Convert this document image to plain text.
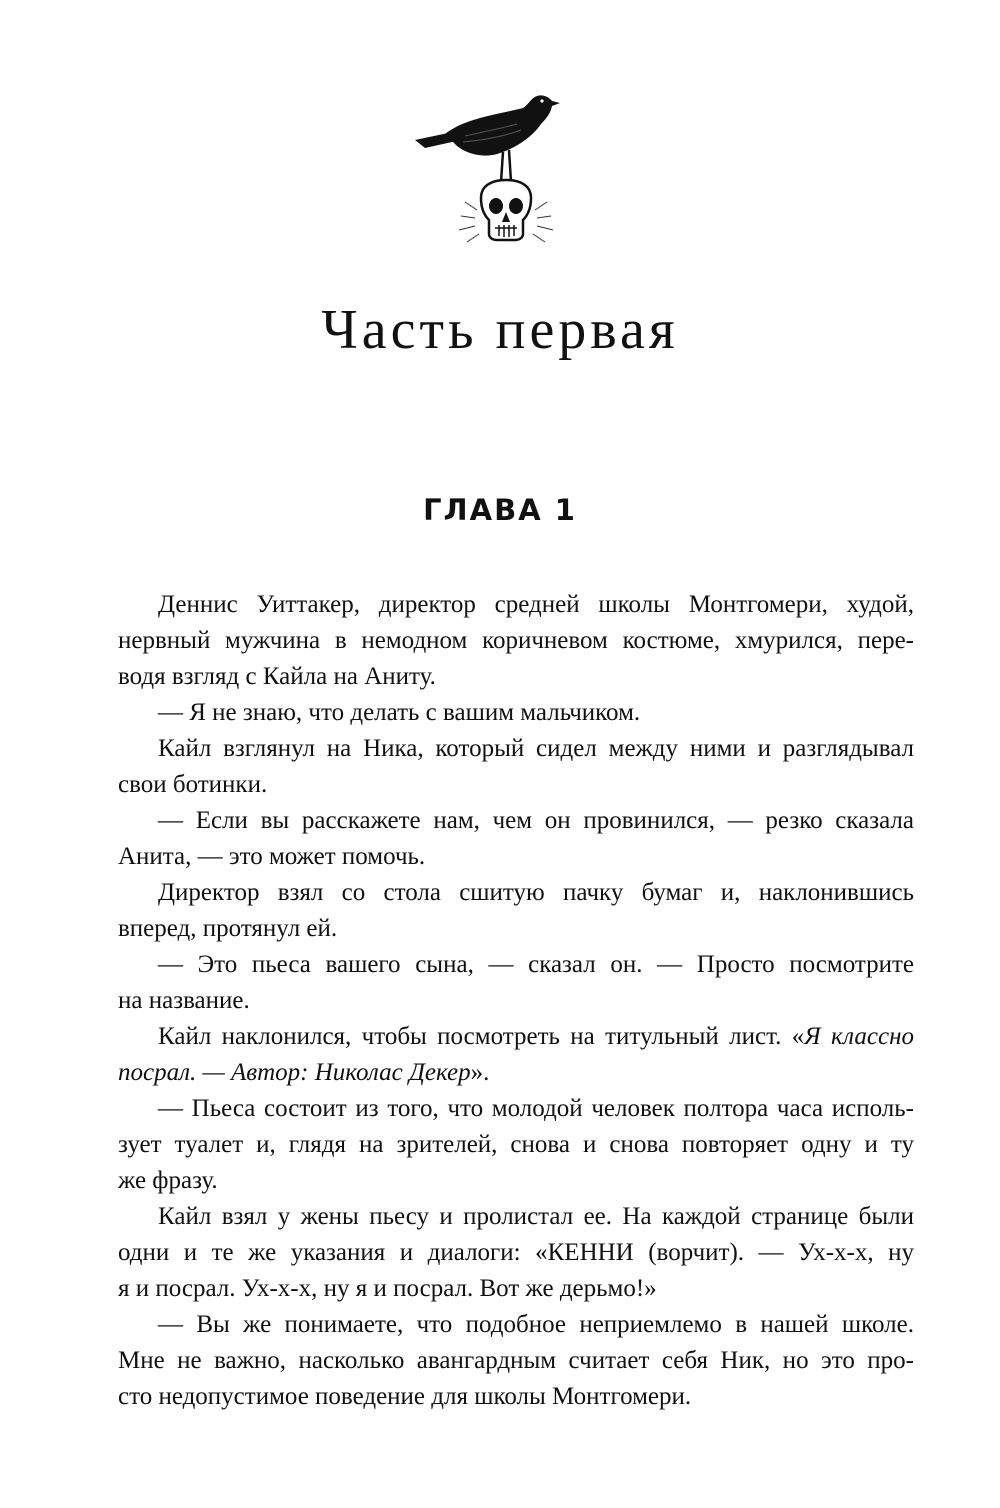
Часть первая
ГЛАВА 1

Деннис Уиттакер, директор средней школы Монтгомери, худой,
нервный мужчина в немодном коричневом костюме, хмурился, пере-
водя взгляд с Кайла на Аниту.

— Я не знаю, что делать с вашим мальчиком.

Кайл взглянул на Ника, который сидел между ними и разглядывал
свои ботинки.

— Если вы расскажете нам, чем он провинился, — резко сказала
Анита, — это может помочь.

Директор взял со стола сшитую пачку бумаг и, наклонившись
вперед, протянул ей.

— Это пьеса вашего сына, — сказал он. — Просто посмотрите
на название.

Кайл наклонился, чтобы посмотреть на титульный лист. «Я классно
посрал. — Автор: Николас Декер».

— Пьеса состоит из того, что молодой человек полтора часа исполь-
зует туалет и, глядя на зрителей, снова и снова повторяет одну и ту
же фразу.

Кайл взял у жены пьесу и пролистал ее. На каждой странице были
одни и те же указания и диалоги: «КЕННИ (ворчит). — Ух-х-х, ну
я и посрал. Ух-х-х, ну я и посрал. Вот же дерьмо!»

— Вы же понимаете, что подобное неприемлемо в нашей школе.
Мне не важно, насколько авангардным считает себя Ник, но это про-
сто недопустимое поведение для школы Монтгомери.
